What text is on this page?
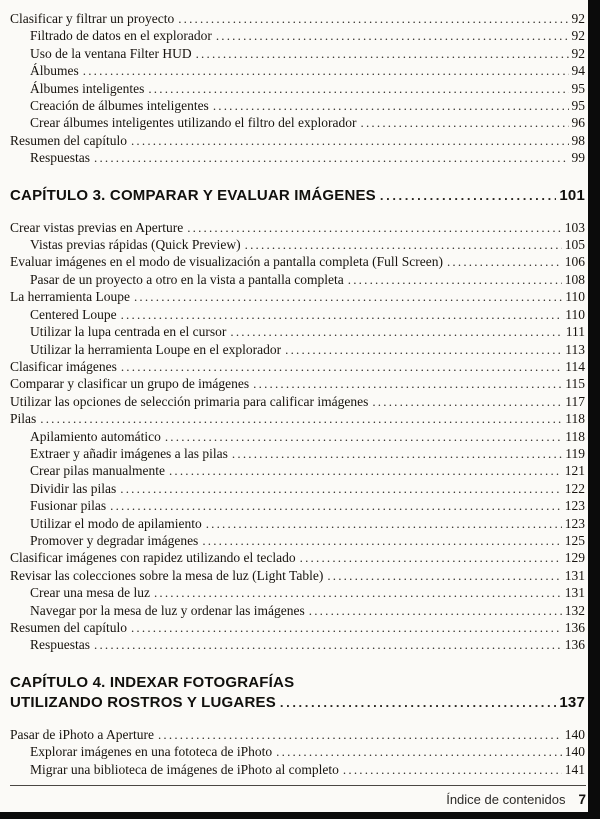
Clasificar y filtrar un proyecto .....	92
Filtrado de datos en el explorador .....	92
Uso de la ventana Filter HUD .....	92
Álbumes .....	94
Álbumes inteligentes .....	95
Creación de álbumes inteligentes .....	95
Crear álbumes inteligentes utilizando el filtro del explorador .....	96
Resumen del capítulo .....	98
Respuestas .....	99
CAPÍTULO 3. COMPARAR Y EVALUAR IMÁGENES .....	101
Crear vistas previas en Aperture .....	103
Vistas previas rápidas (Quick Preview) .....	105
Evaluar imágenes en el modo de visualización a pantalla completa (Full Screen) .....	106
Pasar de un proyecto a otro en la vista a pantalla completa .....	108
La herramienta Loupe .....	110
Centered Loupe .....	110
Utilizar la lupa centrada en el cursor .....	111
Utilizar la herramienta Loupe en el explorador .....	113
Clasificar imágenes .....	114
Comparar y clasificar un grupo de imágenes .....	115
Utilizar las opciones de selección primaria para calificar imágenes .....	117
Pilas .....	118
Apilamiento automático .....	118
Extraer y añadir imágenes a las pilas .....	119
Crear pilas manualmente .....	121
Dividir las pilas .....	122
Fusionar pilas .....	123
Utilizar el modo de apilamiento .....	123
Promover y degradar imágenes .....	125
Clasificar imágenes con rapidez utilizando el teclado .....	129
Revisar las colecciones sobre la mesa de luz (Light Table) .....	131
Crear una mesa de luz .....	131
Navegar por la mesa de luz y ordenar las imágenes .....	132
Resumen del capítulo .....	136
Respuestas .....	136
CAPÍTULO 4. INDEXAR FOTOGRAFÍAS
UTILIZANDO ROSTROS Y LUGARES .....	137
Pasar de iPhoto a Aperture .....	140
Explorar imágenes en una fototeca de iPhoto .....	140
Migrar una biblioteca de imágenes de iPhoto al completo .....	141
Índice de contenidos 7
